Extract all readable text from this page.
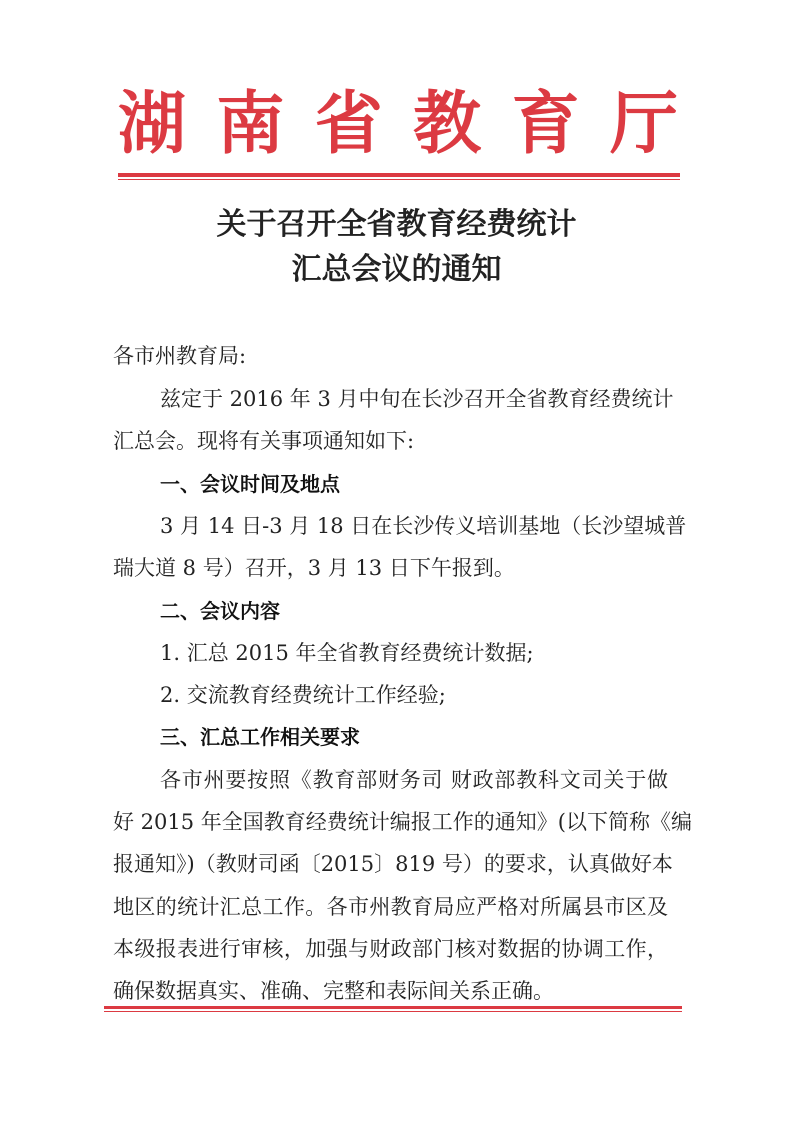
湖 南 省 教 育 厅
关于召开全省教育经费统计
汇总会议的通知
各市州教育局:
兹定于 2016 年 3 月中旬在长沙召开全省教育经费统计
汇总会。现将有关事项通知如下:
一、会议时间及地点
3 月 14 日-3 月 18 日在长沙传义培训基地（长沙望城普
瑞大道 8 号）召开，3 月 13 日下午报到。
二、会议内容
1. 汇总 2015 年全省教育经费统计数据;
2. 交流教育经费统计工作经验;
三、汇总工作相关要求
各市州要按照《教育部财务司 财政部教科文司关于做
好 2015 年全国教育经费统计编报工作的通知》(以下简称《编
报通知》)（教财司函〔2015〕819 号）的要求，认真做好本
地区的统计汇总工作。各市州教育局应严格对所属县市区及
本级报表进行审核，加强与财政部门核对数据的协调工作，
确保数据真实、准确、完整和表际间关系正确。
